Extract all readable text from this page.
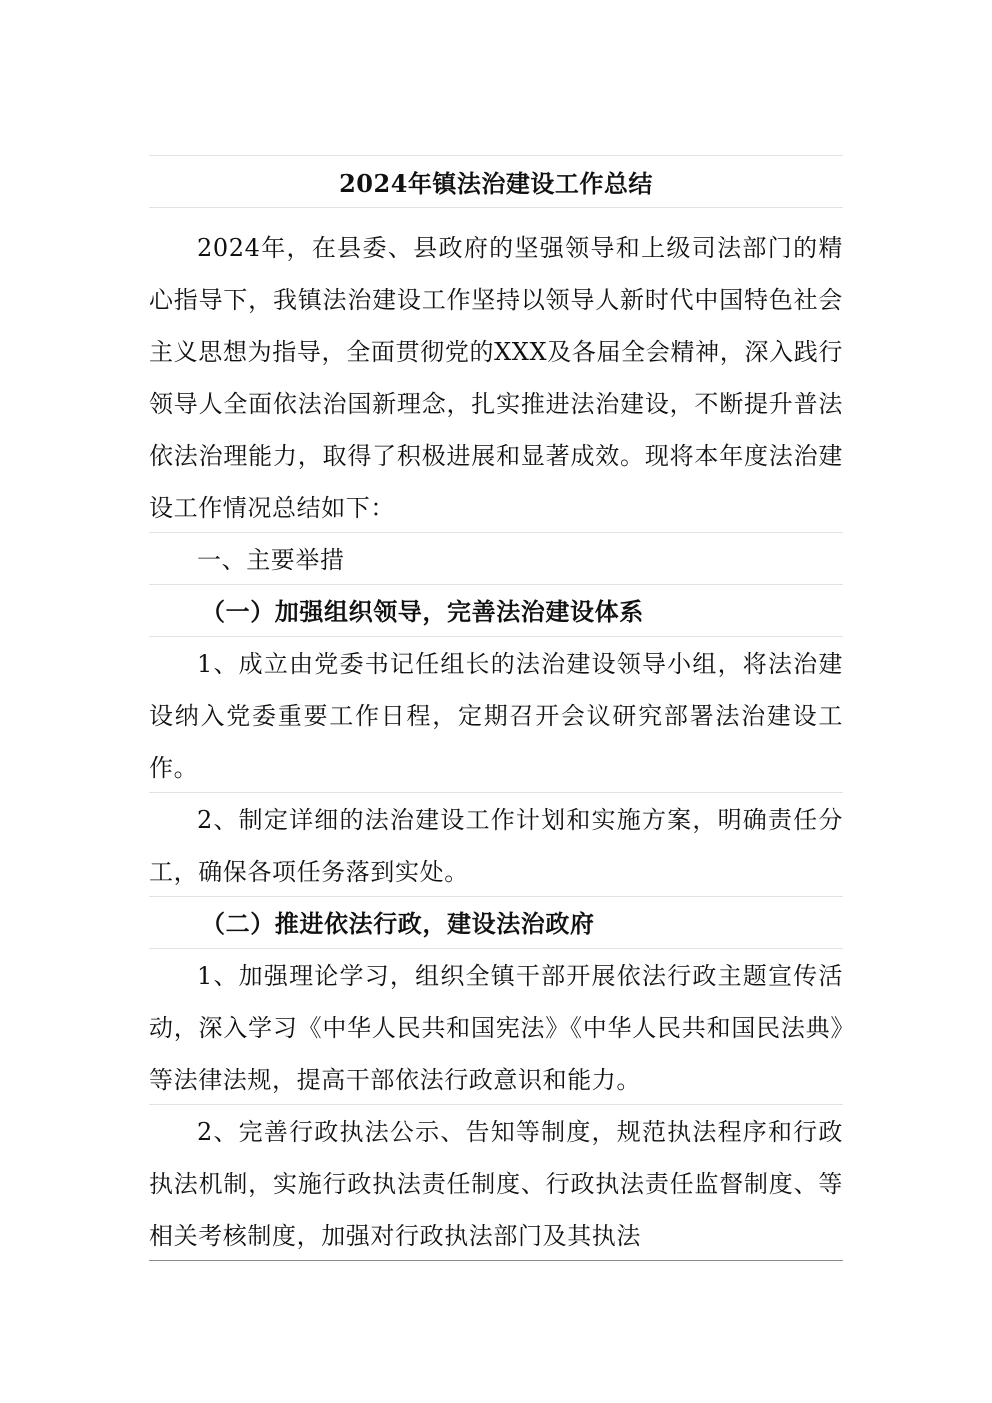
2024年镇法治建设工作总结

2024年，在县委、县政府的坚强领导和上级司法部门的精心指导下，我镇法治建设工作坚持以领导人新时代中国特色社会主义思想为指导，全面贯彻党的XXX及各届全会精神，深入践行领导人全面依法治国新理念，扎实推进法治建设，不断提升普法依法治理能力，取得了积极进展和显著成效。现将本年度法治建设工作情况总结如下：

一、主要举措

（一）加强组织领导，完善法治建设体系

1、成立由党委书记任组长的法治建设领导小组，将法治建设纳入党委重要工作日程，定期召开会议研究部署法治建设工作。

2、制定详细的法治建设工作计划和实施方案，明确责任分工，确保各项任务落到实处。

（二）推进依法行政，建设法治政府

1、加强理论学习，组织全镇干部开展依法行政主题宣传活动，深入学习《中华人民共和国宪法》《中华人民共和国民法典》等法律法规，提高干部依法行政意识和能力。

2、完善行政执法公示、告知等制度，规范执法程序和行政执法机制，实施行政执法责任制度、行政执法责任监督制度、等相关考核制度，加强对行政执法部门及其执法
